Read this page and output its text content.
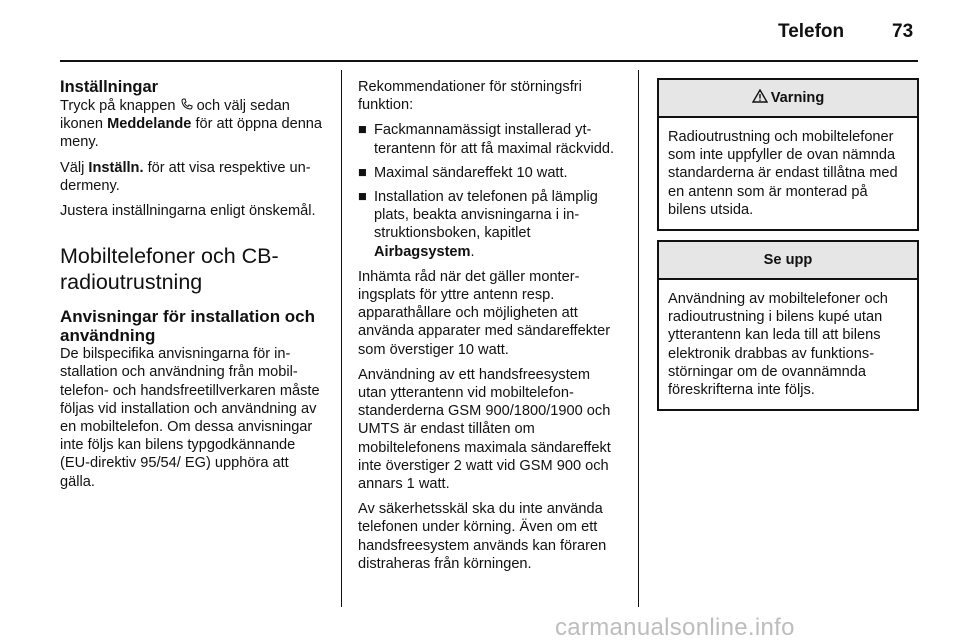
Telefon	73
Inställningar

Tryck på knappen  och välj sedan ikonen Meddelande för att öppna denna meny.

Välj Inställn. för att visa respektive undermeny.

Justera inställningarna enligt önskemål.

Mobiltelefoner och CB-radioutrustning
Anvisningar för installation och användning

De bilspecifika anvisningarna för installation och användning från mobiltelefon- och handsfreetillverkaren måste följas vid installation och användning av en mobiltelefon. Om dessa anvisningar inte följs kan bilens typgodkännande (EU-direktiv 95/54/ EG) upphöra att gälla.

Rekommendationer för störningsfri funktion:

■ Fackmannamässigt installerad ytterantenn för att få maximal räckvidd.
■ Maximal sändareffekt 10 watt.
■ Installation av telefonen på lämplig plats, beakta anvisningarna i instruktionsboken, kapitlet Airbagsystem.

Inhämta råd när det gäller monteringsplats för yttre antenn resp. apparathållare och möjligheten att använda apparater med sändareffekter som överstiger 10 watt.

Användning av ett handsfreesystem utan ytterantenn vid mobiltelefonstanderderna GSM 900/1800/1900 och UMTS är endast tillåten om mobiltelefonens maximala sändareffekt inte överstiger 2 watt vid GSM 900 och annars 1 watt.

Av säkerhetsskäl ska du inte använda telefonen under körning. Även om ett handsfreesystem används kan föraren distraheras från körningen.

Varning
Radioutrustning och mobiltelefoner som inte uppfyller de ovan nämnda standarderna är endast tillåtna med en antenn som är monterad på bilens utsida.
Se upp
Användning av mobiltelefoner och radioutrustning i bilens kupé utan ytterantenn kan leda till att bilens elektronik drabbas av funktionsstörningar om de ovannämnda föreskrifterna inte följs.
carmanualsonline.info
